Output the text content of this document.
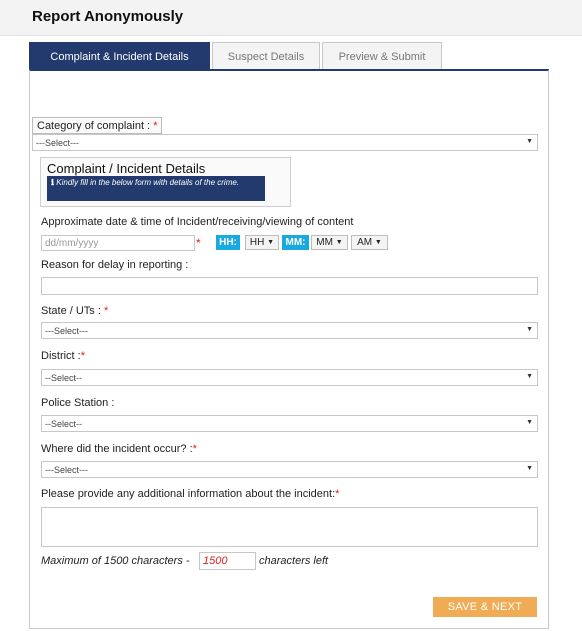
Report Anonymously
Complaint & Incident Details	Suspect Details	Preview & Submit
Category of complaint :
*
---Select---	▼
Complaint / Incident Details
ℹ Kindly fill in the below form with details of the crime.
Approximate date & time of Incident/receiving/viewing of content
dd/mm/yyyy	*	HH:	HH
▼	MM:	MM
▼ AM
▼
Reason for delay in reporting :
State / UTs : *
---Select---	▼
District :*
--Select--	▼
Police Station :
--Select--	▼
Where did the incident occur? :*
---Select---	▼
Please provide any additional information about the incident:*
Maximum of 1500 characters -	1500	characters left
SAVE & NEXT
